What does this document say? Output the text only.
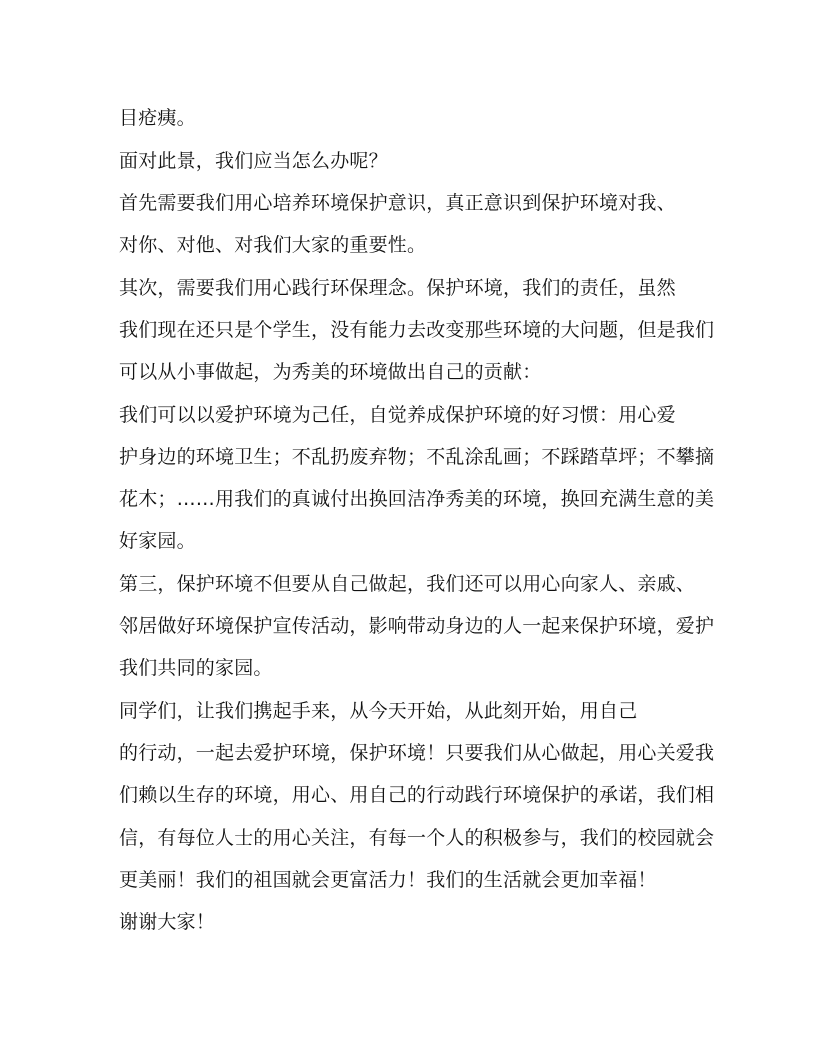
目疮痍。
面对此景，我们应当怎么办呢？
首先需要我们用心培养环境保护意识，真正意识到保护环境对我、
对你、对他、对我们大家的重要性。
其次，需要我们用心践行环保理念。保护环境，我们的责任，虽然
我们现在还只是个学生，没有能力去改变那些环境的大问题，但是我们
可以从小事做起，为秀美的环境做出自己的贡献：
我们可以以爱护环境为己任，自觉养成保护环境的好习惯：用心爱
护身边的环境卫生；不乱扔废弃物；不乱涂乱画；不踩踏草坪；不攀摘
花木；……用我们的真诚付出换回洁净秀美的环境，换回充满生意的美
好家园。
第三，保护环境不但要从自己做起，我们还可以用心向家人、亲戚、
邻居做好环境保护宣传活动，影响带动身边的人一起来保护环境，爱护
我们共同的家园。
同学们，让我们携起手来，从今天开始，从此刻开始，用自己
的行动，一起去爱护环境，保护环境！只要我们从心做起，用心关爱我
们赖以生存的环境，用心、用自己的行动践行环境保护的承诺，我们相
信，有每位人士的用心关注，有每一个人的积极参与，我们的校园就会
更美丽！我们的祖国就会更富活力！我们的生活就会更加幸福！
谢谢大家！
